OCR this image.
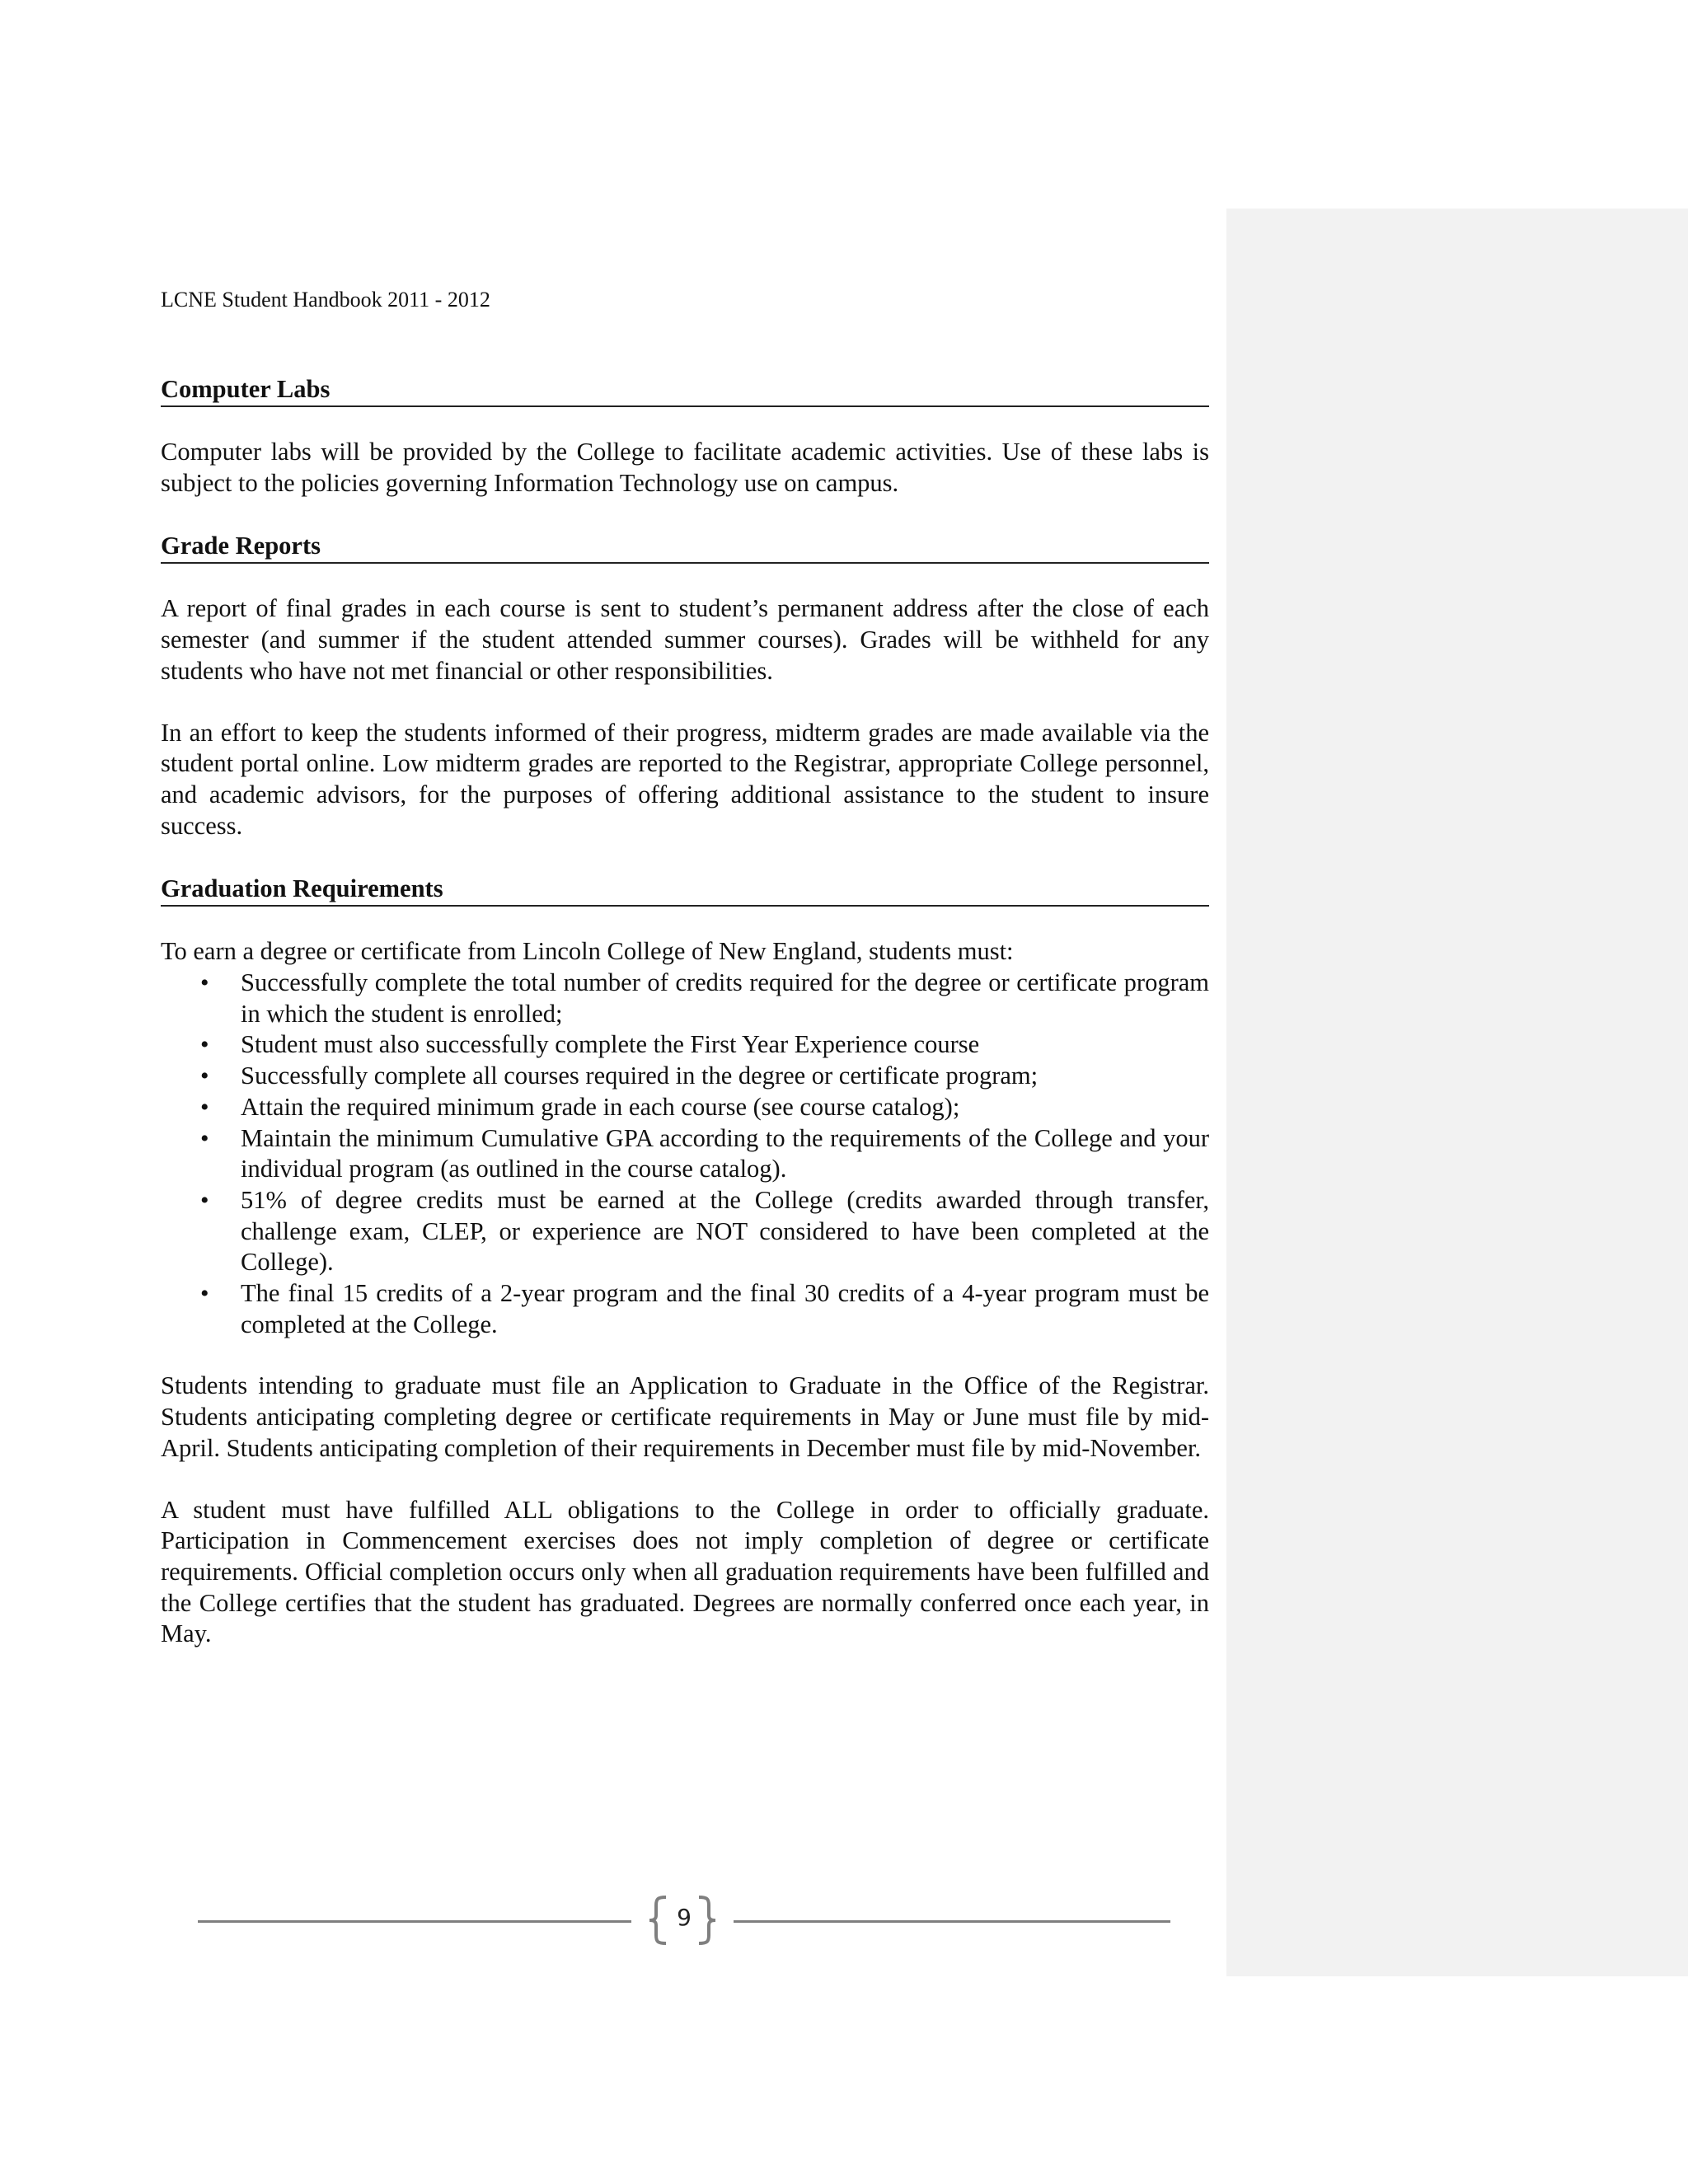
LCNE Student Handbook 2011 - 2012
Computer Labs

Computer labs will be provided by the College to facilitate academic activities. Use of these labs is subject to the policies governing Information Technology use on campus.

Grade Reports

A report of final grades in each course is sent to student’s permanent address after the close of each semester (and summer if the student attended summer courses). Grades will be withheld for any students who have not met financial or other responsibilities.

In an effort to keep the students informed of their progress, midterm grades are made available via the student portal online. Low midterm grades are reported to the Registrar, appropriate College personnel, and academic advisors, for the purposes of offering additional assistance to the student to insure success.

Graduation Requirements

To earn a degree or certificate from Lincoln College of New England, students must:

• Successfully complete the total number of credits required for the degree or certificate program in which the student is enrolled;
• Student must also successfully complete the First Year Experience course
• Successfully complete all courses required in the degree or certificate program;
• Attain the required minimum grade in each course (see course catalog);
• Maintain the minimum Cumulative GPA according to the requirements of the College and your individual program (as outlined in the course catalog).
• 51% of degree credits must be earned at the College (credits awarded through transfer, challenge exam, CLEP, or experience are NOT considered to have been completed at the College).
• The final 15 credits of a 2-year program and the final 30 credits of a 4-year program must be completed at the College.

Students intending to graduate must file an Application to Graduate in the Office of the Registrar. Students anticipating completing degree or certificate requirements in May or June must file by mid-April. Students anticipating completion of their requirements in December must file by mid-November.

A student must have fulfilled ALL obligations to the College in order to officially graduate. Participation in Commencement exercises does not imply completion of degree or certificate requirements. Official completion occurs only when all graduation requirements have been fulfilled and the College certifies that the student has graduated. Degrees are normally conferred once each year, in May.

9
